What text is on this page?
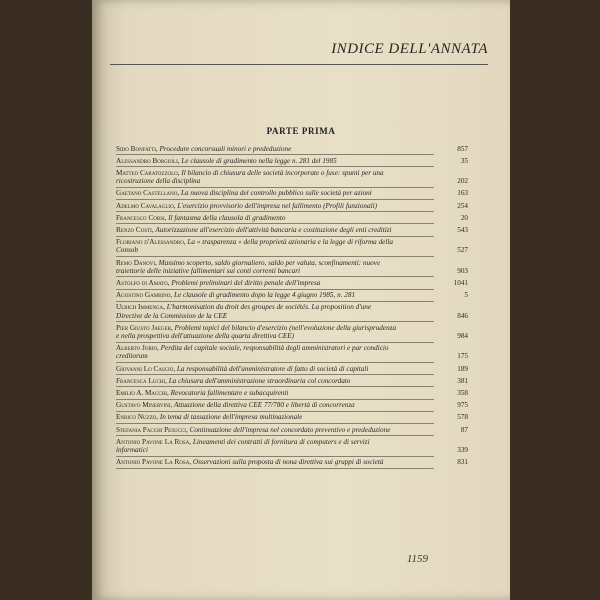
INDICE DELL'ANNATA
PARTE PRIMA
Sido Bonfatti, Procedure concorsuali minori e prededuzione	857
Alessandro Borgioli, Le clausole di gradimento nella legge n. 281 del 1985	35
Matteo Caratozzolo, Il bilancio di chiusura delle società incorporate o fuse: spunti per una ricostruzione della disciplina	202
Gaetano Castellano, La nuova disciplina del controllo pubblico sulle società per azioni	163
Adelmo Cavalaglio, L'esercizio provvisorio dell'impresa nel fallimento (Profili funzionali)	254
Francesco Corsi, Il fantasma della clausola di gradimento	20
Renzo Costi, Autorizzazione all'esercizio dell'attività bancaria e costituzione degli enti creditizi	543
Floriano d'Alessandro, La « trasparenza » della proprietà azionaria e la legge di riforma della Consob	527
Remo Danovi, Massimo scoperto, saldo giornaliero, saldo per valuta, sconfinamenti: nuove traiettorie delle iniziative fallimentari sui conti correnti bancari	903
Astolfo di Amato, Problemi preliminari del diritto penale dell'impresa	1041
Agostino Gambino, Le clausole di gradimento dopo la legge 4 giugno 1985, n. 281	5
Ulrich Immenga, L'harmonisation du droit des groupes de sociétés. La proposition d'une Directive de la Commission de la CEE	846
Pier Giusto Jaeger, Problemi topici del bilancio d'esercizio (nell'evoluzione della giurisprudenza e nella prospettiva dell'attuazione della quarta direttiva CEE)	984
Alberto Jorio, Perdita del capitale sociale, responsabilità degli amministratori e par condicio creditorum	175
Giovanni Lo Cascio, La responsabilità dell'amministratore di fatto di società di capitali	189
Francesca Luchi, La chiusura dell'amministrazione straordinaria col concordato	381
Emilio A. Macchi, Revocatoria fallimentare e subacquirenti	358
Gustavo Minervini, Attuazione della direttiva CEE 77/780 e libertà di concorrenza	975
Enrico Nuzzo, In tema di tassazione dell'impresa multinazionale	578
Stefania Pacchi Pesucci, Continuazione dell'impresa nel concordato preventivo e prededuzione	87
Antonio Pavone La Rosa, Lineamenti dei contratti di fornitura di computers e di servizi informatici	339
Antonio Pavone La Rosa, Osservazioni sulla proposta di nona direttiva sui gruppi di società	831
1159
